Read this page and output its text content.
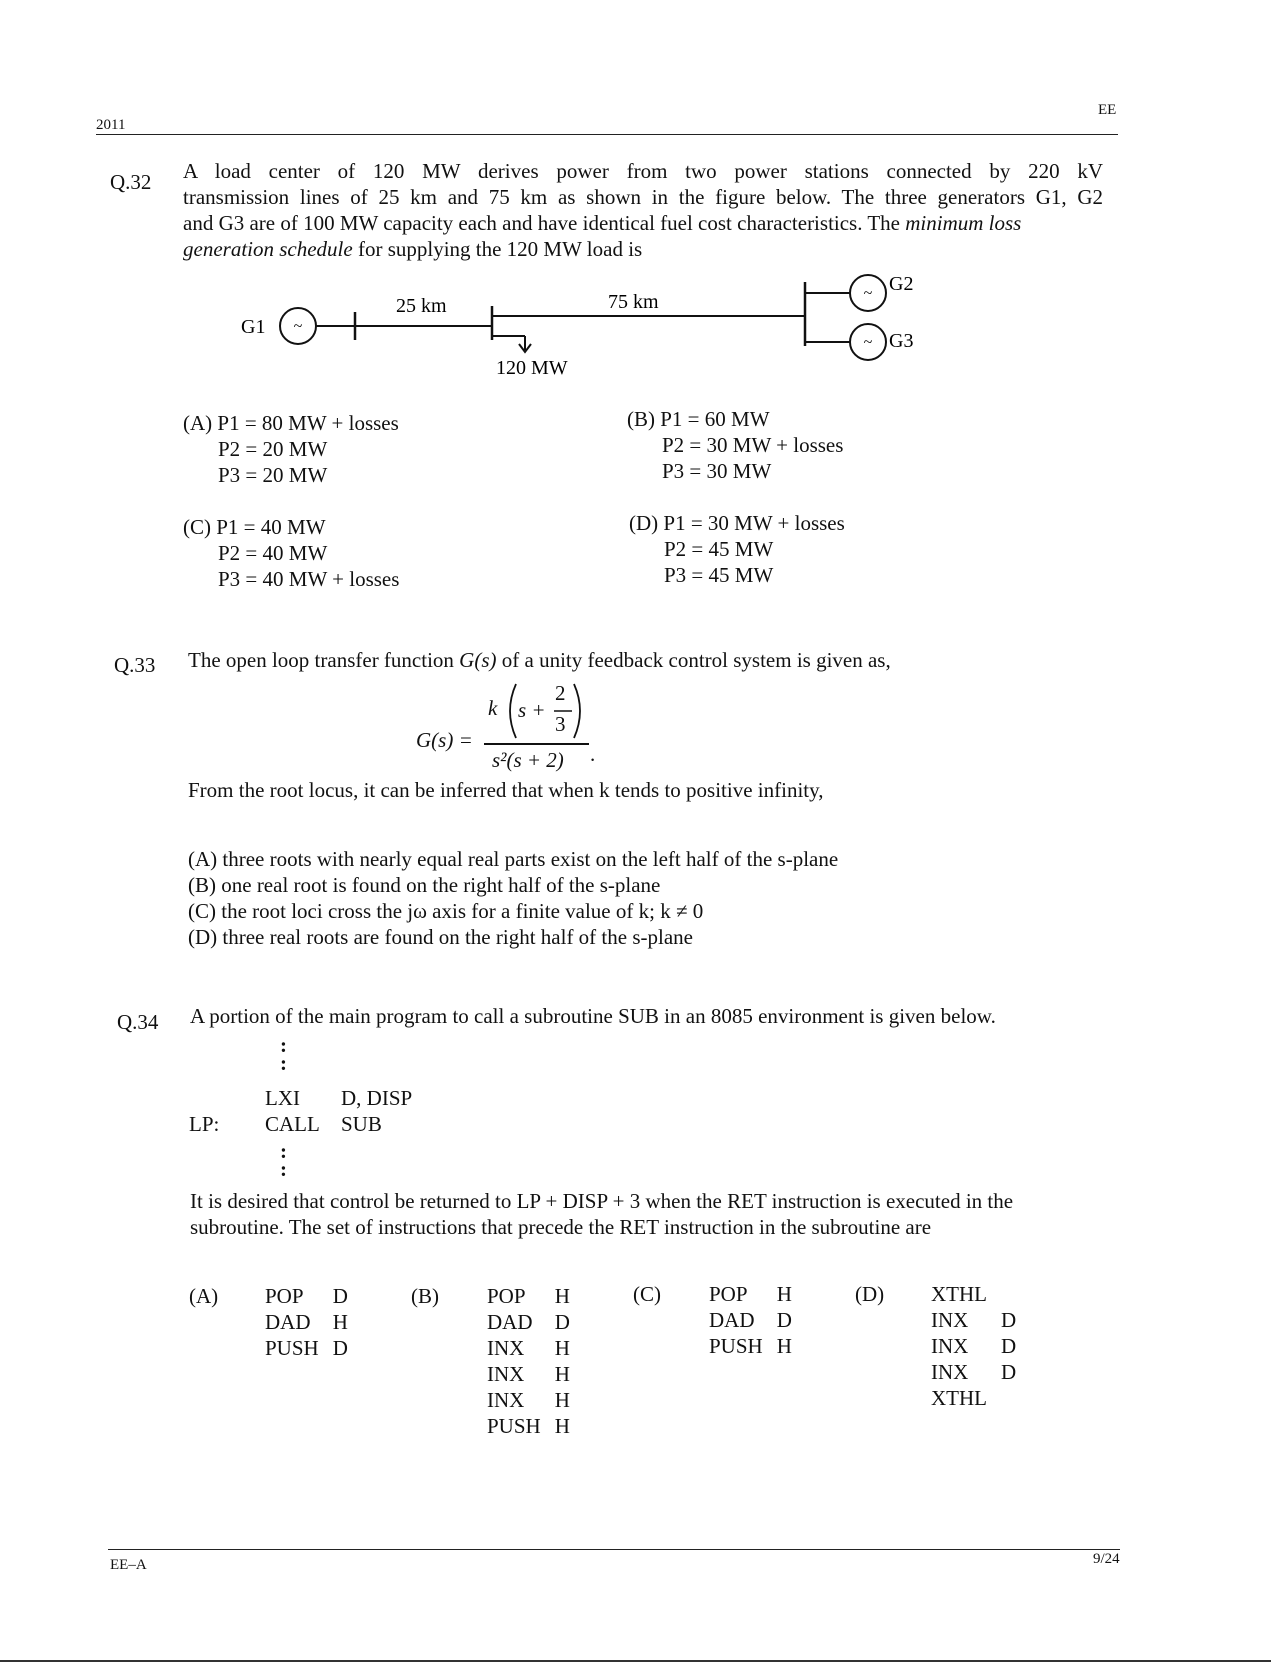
2011
EE
Q.32 A load center of 120 MW derives power from two power stations connected by 220 kV
transmission lines of 25 km and 75 km as shown in the figure below. The three generators G1, G2
and G3 are of 100 MW capacity each and have identical fuel cost characteristics. The minimum loss
generation schedule for supplying the 120 MW load is
~
~
~
G1
G2
G3
25 km	75 km
120 MW
(A) P1 = 80 MW + losses
P2 = 20 MW
P3 = 20 MW
(B) P1 = 60 MW
P2 = 30 MW + losses
P3 = 30 MW
(C) P1 = 40 MW
P2 = 40 MW
P3 = 40 MW + losses
(D) P1 = 30 MW + losses
P2 = 45 MW
P3 = 45 MW
Q.33 The open loop transfer function G(s) of a unity feedback control system is given as,
G(s) =
k s +
2
3
s²(s + 2) .
From the root locus, it can be inferred that when k tends to positive infinity,
(A) three roots with nearly equal real parts exist on the left half of the s-plane
(B) one real root is found on the right half of the s-plane
(C) the root loci cross the jω axis for a finite value of k; k ≠ 0
(D) three real roots are found on the right half of the s-plane
Q.34 A portion of the main program to call a subroutine SUB in an 8085 environment is given below.
:
:
LXI D, DISP
LP: CALL SUB
:
:
It is desired that control be returned to LP + DISP + 3 when the RET instruction is executed in the
subroutine. The set of instructions that precede the RET instruction in the subroutine are
(A) POP	D
DAD	H
PUSH	D
(B) POP	H
DAD	D
INX	H
INX	H
INX	H
PUSH	H
(C) POP	H
DAD	D
PUSH	H
(D) XTHL	
INX	D
INX	D
INX	D
XTHL	
EE–A	9/24
